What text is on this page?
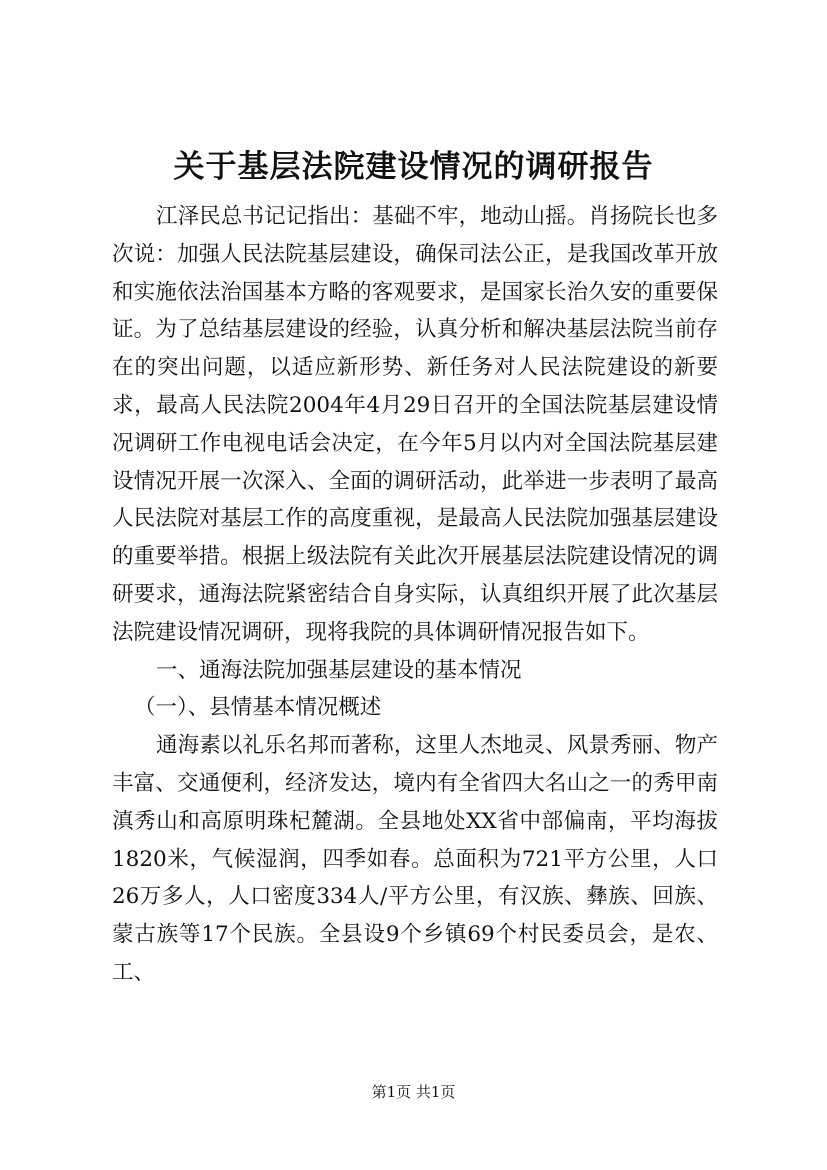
关于基层法院建设情况的调研报告

江泽民总书记记指出：基础不牢，地动山摇。肖扬院长也多次说：加强人民法院基层建设，确保司法公正，是我国改革开放和实施依法治国基本方略的客观要求，是国家长治久安的重要保证。为了总结基层建设的经验，认真分析和解决基层法院当前存在的突出问题，以适应新形势、新任务对人民法院建设的新要求，最高人民法院2004年4月29日召开的全国法院基层建设情况调研工作电视电话会决定，在今年5月以内对全国法院基层建设情况开展一次深入、全面的调研活动，此举进一步表明了最高人民法院对基层工作的高度重视，是最高人民法院加强基层建设的重要举措。根据上级法院有关此次开展基层法院建设情况的调研要求，通海法院紧密结合自身实际，认真组织开展了此次基层法院建设情况调研，现将我院的具体调研情况报告如下。

一、通海法院加强基层建设的基本情况

（一）、县情基本情况概述

通海素以礼乐名邦而著称，这里人杰地灵、风景秀丽、物产丰富、交通便利，经济发达，境内有全省四大名山之一的秀甲南滇秀山和高原明珠杞麓湖。全县地处XX省中部偏南，平均海拔1820米，气候湿润，四季如春。总面积为721平方公里，人口26万多人，人口密度334人/平方公里，有汉族、彝族、回族、蒙古族等17个民族。全县设9个乡镇69个村民委员会，是农、工、

第1页 共1页
